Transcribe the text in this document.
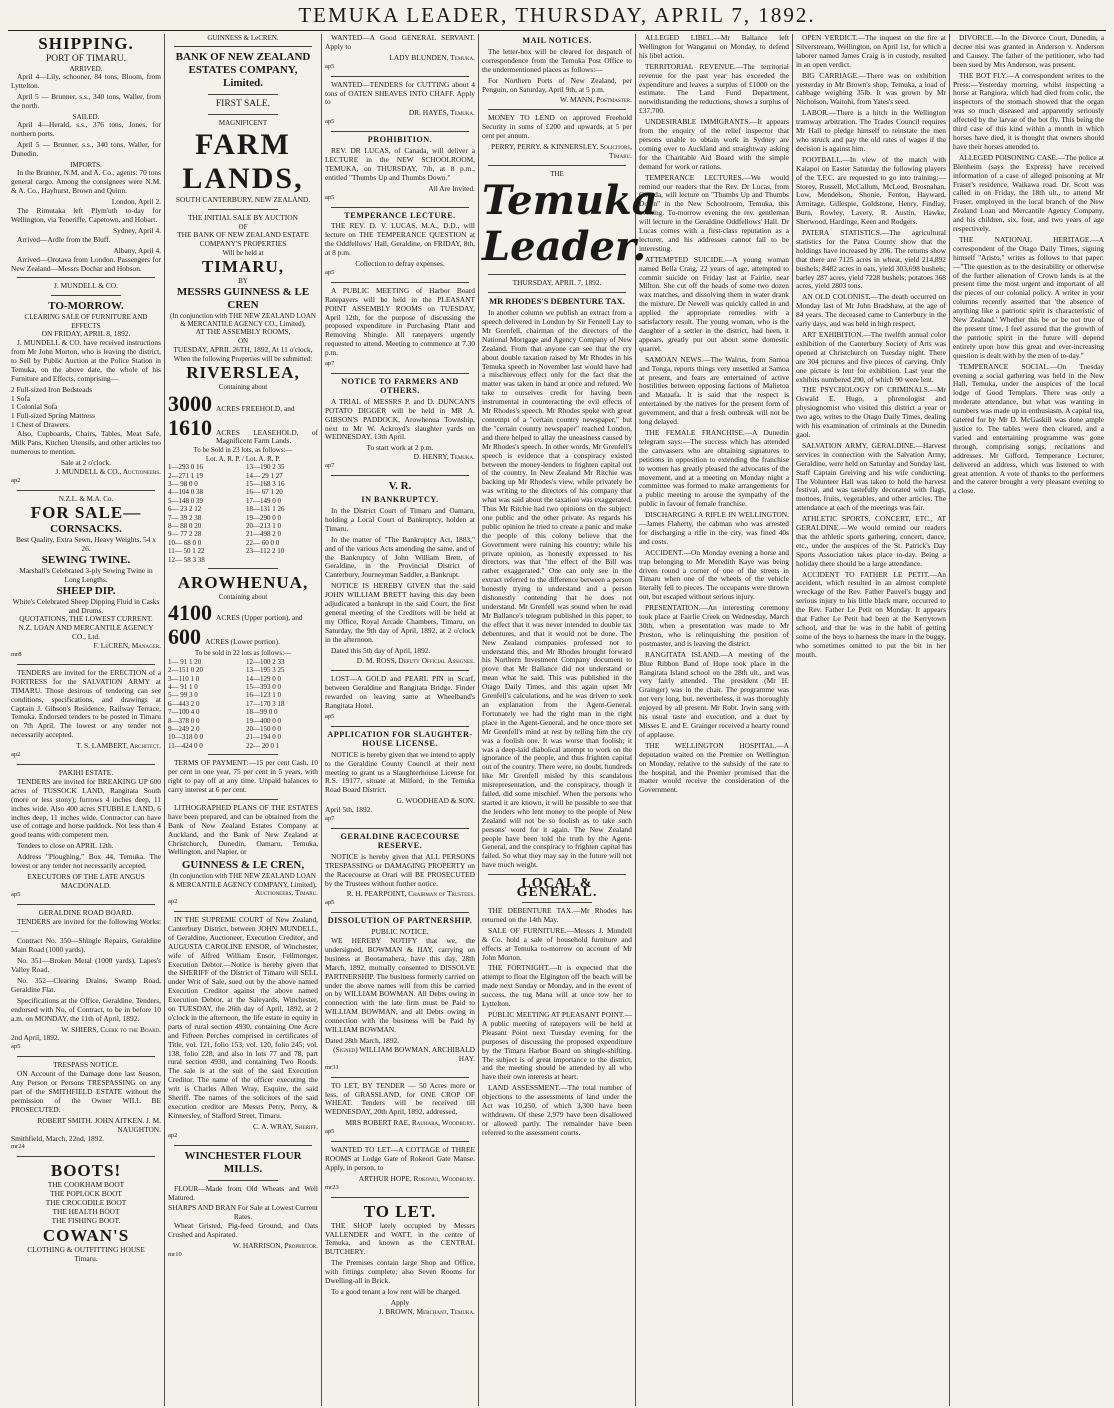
TEMUKA LEADER, THURSDAY, APRIL 7, 1892.
SHIPPING.
PORT OF TIMARU.
ARRIVED.

April 4—Lily, schooner, 84 tons, Bloom, from Lyttelton.

April 5 — Brunner, s.s., 340 tons, Waller, from the north.

SAILED.

April 4—Herald, s.s., 376 tons, Jones, for northern ports.

April 5 — Brunner, s.s., 340 tons, Waller, for Dunedin.

IMPORTS.

In the Brunner, N.M. and A. Co., agents: 70 tons general cargo. Among the consignees were N.M. & A. Co., Hayhurst, Brown and Quinn.

London, April 2.

The Rimutaka left Plym'uth to-day for Wellington, via Teneriffe, Capetown, and Hobart.

Sydney, April 4.

Arrived—Ardle from the Bluff.

Albany, April 4.

Arrived—Orotava from London. Passengers for New Zealand—Messrs Dochar and Hobson.

J. MUNDELL & CO.
TO-MORROW.
CLEARING SALE OF FURNITURE AND EFFECTS
ON FRIDAY, APRIL 8, 1892.

J. MUNDELL & CO. have received instructions from Mr John Morton, who is leaving the district, to Sell by Public Auction at the Police Station in Temuka, on the above date, the whole of his Furniture and Effects, comprising—

2 Full-sized Iron Bedsteads
1 Sofa
1 Colonial Sofa
1 Full-sized Spring Mattress
1 Chest of Drawers.

Also, Cupboards, Chairs, Tables, Meat Safe, Milk Pans, Kitchen Utensils, and other articles too numerous to mention.

Sale at 2 o'clock.
J. MUNDELL & CO., Auctioneers.
ap2
N.Z.L. & M.A. Co.
FOR SALE—
CORNSACKS.
Best Quality, Extra Sewn, Heavy Weights, 54 x 26.
SEWING TWINE.
Marshall's Celebrated 3-ply Sewing Twine in Long Lengths.
SHEEP DIP.
White's Celebrated Sheep Dipping Fluid in Casks and Drums.
QUOTATIONS, THE LOWEST CURRENT.
N.Z. LOAN AND MERCANTILE AGENCY CO., Ltd.
F. LeCREN, Manager.
mr8

TENDERS are invited for the ERECTION of a FORTRESS for the SALVATION ARMY at TIMARU. Those desirous of tendering can see conditions, specifications, and drawings at Captain J. Gibson's Residence, Railway Terrace, Temuka. Endorsed tenders to be posted in Timaru on 7th April. The lowest or any tender not necessarily accepted.

T. S. LAMBERT, Architect.
ap2
PAKIHI ESTATE.

TENDERS are invited for BREAKING UP 600 acres of TUSSOCK LAND, Rangitata South (more or less stony); furrows 4 inches deep, 11 inches wide. Also 400 acres STUBBLE LAND, 6 inches deep, 11 inches wide. Contractor can have use of cottage and horse paddock. Not less than 4 good teams with competent men.

Tenders to close on APRIL 12th.

Address "Ploughing," Box 44, Temuka. The lowest or any tender not necessarily accepted.

EXECUTORS OF THE LATE ANGUS MACDONALD.
ap5
GERALDINE ROAD BOARD.

TENDERS are invited for the following Works:—

Contract No. 350—Shingle Repairs, Geraldine Main Road (1000 yards).

No. 351—Broken Metal (1000 yards), Lapes's Valley Road.

No. 352—Clearing Drains, Swamp Road, Geraldine Flat.

Specifications at the Office, Geraldine. Tenders, endorsed with No. of Contract, to be in before 10 a.m. on MONDAY, the 11th of April, 1892.

W. SHIERS, Clerk to the Board.
2nd April, 1892.
ap5
TRESPASS NOTICE.

ON Account of the Damage done last Season, Any Person or Persons TRESPASSING on any part of the SMITHFIELD ESTATE without the permission of the Owner WILL BE PROSECUTED.

ROBERT SMITH. JOHN AITKEN. J. M. NAUGHTON.
Smithfield, March, 22nd, 1892.
mr24
BOOTS!
THE COOKHAM BOOT
THE POPLOCK BOOT
THE CROCODILE BOOT
THE HEALTH BOOT
THE FISHING BOOT.
COWAN'S
CLOTHING & OUTFITTING HOUSE
Timaru.
GUINNESS & LeCREN.
BANK OF NEW ZEALAND ESTATES COMPANY, Limited.
FIRST SALE.
MAGNIFICENT
FARM LANDS,
SOUTH CANTERBURY, NEW ZEALAND.
THE INITIAL SALE BY AUCTION
OF
THE BANK OF NEW ZEALAND ESTATE COMPANY'S PROPERTIES
Will be held at
TIMARU,
BY
MESSRS GUINNESS & LE CREN
(In conjunction with THE NEW ZEALAND LOAN & MERCANTILE AGENCY CO., Limited),
AT THE ASSEMBLY ROOMS,
ON
TUESDAY, APRIL 26TH, 1892, At 11 o'clock,
When the following Properties will be submitted:
RIVERSLEA,
Containing about
3000 ACRES FREEHOLD, and
1610 ACRES LEASEHOLD, of Magnificent Farm Lands.
To be Sold in 23 lots, as follows:—
Lot. A. R. P. / Lot. A. R. P.
1—293 0 16	13—190 2 35
2—271 1 19	14— 29 1 27
3— 98 0 0	15—168 3 16
4—104 0 38	16— 67 1 20
5—148 0 39	17—149 0 0
6— 23 2 12	18—131 1 26
7— 39 2 38	19—290 0 0
8— 88 0 20	20—213 1 0
9— 77 2 28	21—498 2 0
10— 68 0 0	22— 60 0 0
11— 50 1 22	23—112 2 10
12— 58 3 38
AROWHENUA,
Containing about
4100 ACRES (Upper portion), and
600 ACRES (Lower portion).
To be sold in 22 lots as follows:—
1— 91 1 20	12—100 2 33
2—151 0 20	13—195 3 25
3—110 1 0	14—129 0 0
4— 91 1 0	15—393 0 0
5— 99 3 0	16—123 1 0
6—443 2 0	17—170 3 18
7—100 4 0	18—99 0 0
8—378 0 0	19—400 0 0
9—249 2 0	20—150 0 0
10—318 0 0	21—194 0 0
11—424 0 0	22— 20 0 1

TERMS OF PAYMENT:—15 per cent Cash, 10 per cent in one year, 75 per cent in 5 years, with right to pay off at any time. Unpaid balances to carry interest at 6 per cent.

LITHOGRAPHED PLANS OF THE ESTATES have been prepared, and can be obtained from the Bank of New Zealand Estates Company at Auckland, and the Bank of New Zealand at Christchurch, Dunedin, Oamaru, Temuka, Wellington, and Napier, or

GUINNESS & LE CREN,
(In conjunction with THE NEW ZEALAND LOAN & MERCANTILE AGENCY COMPANY, Limited),
Auctioneers, Timaru.
ap2

IN THE SUPREME COURT of New Zealand, Canterbury District, between JOHN MUNDELL, of Geraldine, Auctioneer, Execution Creditor, and AUGUSTA CAROLINE ENSOR, of Winchester, wife of Alfred William Ensor, Fellmonger, Execution Debtor.—Notice is hereby given that the SHERIFF of the District of Timaru will SELL under Writ of Sale, sued out by the above named Execution Creditor against the above named Execution Debtor, at the Saleyards, Winchester, on TUESDAY, the 26th day of April, 1892, at 2 o'clock in the afternoon, the life estate in equity in parts of rural section 4930, containing One Acre and Fifteen Perches comprised in certificates of Title, vol. 121, folio 153; vol. 120, folio 245; vol. 138, folio 228, and also in lots 77 and 78, part rural section 4930, and containing Two Roods. The sale is at the suit of the said Execution Creditor. The name of the officer executing the writ is Charles Allen Wray, Esquire, the said Sheriff. The names of the solicitors of the said execution creditor are Messrs Perry, Perry, & Kinnersley, of Stafford Street, Timaru.

C. A. WRAY, Sheriff.
ap2
WINCHESTER FLOUR MILLS.

FLOUR—Made from Old Wheats and Well Matured.

SHARPS AND BRAN For Sale at Lowest Current Rates.

Wheat Gristed, Pig-feed Ground, and Oats Crushed and Aspirated.

W. HARRISON, Proprietor.
mr10

WANTED—A Good GENERAL SERVANT. Apply to

LADY BLUNDEN, Temuka.
ap5

WANTED—TENDERS for CUTTING about 4 tons of OATEN SHEAVES INTO CHAFF. Apply to

DR. HAYES, Temuka.
ap5
PROHIBITION.

REV. DR LUCAS, of Canada, will deliver a LECTURE in the NEW SCHOOLROOM, TEMUKA, on THURSDAY, 7th, at 8 p.m., entitled "Thumbs Up and Thumbs Down."

All Are Invited.
ap5
TEMPERANCE LECTURE.

THE REV. D. V. LUCAS, M.A., D.D., will lecture on THE TEMPERANCE QUESTION at the Oddfellows' Hall, Geraldine, on FRIDAY, 8th, at 8 p.m.

Collection to defray expenses.
ap5

A PUBLIC MEETING of Harbor Board Ratepayers will be held in the PLEASANT POINT ASSEMBLY ROOMS on TUESDAY, April 12th, for the purpose of discussing the proposed expenditure in Purchasing Plant and Removing Shingle. All ratepayers urgently requested to attend. Meeting to commence at 7.30 p.m.

ap7
NOTICE TO FARMERS AND OTHERS.

A TRIAL of MESSRS P. and D. DUNCAN'S POTATO DIGGER will be held in MR A. GIBSON'S PADDOCK, Arowhenua Township, next to Mr W. Ackroyd's slaughter yards on WEDNESDAY, 13th April.

To start work at 2 p.m.
D. HENRY, Temuka.
ap7
V. R.
IN BANKRUPTCY.

In the District Court of Timaru and Oamaru, holding a Local Court of Bankruptcy, holden at Timaru.

In the matter of "The Bankruptcy Act, 1883," and of the various Acts amending the same, and of the Bankruptcy of John William Brett, of Geraldine, in the Provincial District of Canterbury, Journeyman Saddler, a Bankrupt.

NOTICE IS HEREBY GIVEN that the said JOHN WILLIAM BRETT having this day been adjudicated a bankrupt in the said Court, the first general meeting of the Creditors will be held at my Office, Royal Arcade Chambers, Timaru, on Saturday, the 9th day of April, 1892, at 2 o'clock in the afternoon.

Dated this 5th day of April, 1892.

D. M. ROSS, Deputy Official Assignee.

LOST—A GOLD and PEARL PIN in Scarf, between Geraldine and Rangitata Bridge. Finder rewarded on leaving same at Wheelband's Rangitata Hotel.

ap5
APPLICATION FOR SLAUGHTER-HOUSE LICENSE.

NOTICE is hereby given that we intend to apply to the Geraldine County Council at their next meeting to grant us a Slaughterhouse License for R.S. 19177, situate at Milford, in the Temuka Road Board District.

G. WOODHEAD & SON.
April 5th, 1892.
ap7
GERALDINE RACECOURSE RESERVE.

NOTICE is hereby given that ALL PERSONS TRESPASSING or DAMAGING PROPERTY on the Racecourse at Orari will BE PROSECUTED by the Trustees without further notice.

R. H. PEARPOINT, Chairman of Trustees.
ap5
DISSOLUTION OF PARTNERSHIP.
PUBLIC NOTICE.

WE HEREBY NOTIFY that we, the undersigned, BOWMAN & HAY, carrying on business at Bootamahera, have this day, 28th March, 1892, mutually consented to DISSOLVE PARTNERSHIP. The business formerly carried on under the above names will from this be carried on by WILLIAM BOWMAN. All Debts owing in connection with the late firm must be Paid to WILLIAM BOWMAN, and all Debts owing in connection with the business will be Paid by WILLIAM BOWMAN.

Dated 28th March, 1892.
(Signed) WILLIAM BOWMAN. ARCHIBALD HAY.
mr31

TO LET, BY TENDER — 50 Acres more or less, of GRASSLAND, for ONE CROP OF WHEAT. Tenders will be received till WEDNESDAY, 20th April, 1892, addressed,

MRS ROBERT RAE, Rauhara, Woodbury.
ap5

WANTED TO LET—A COTTAGE of THREE ROOMS at Lodge Gate of Rokeori Gate Manse. Apply, in person, to

ARTHUR HOPE, Rokonui, Woodbury.
mr23
TO LET.

THE SHOP lately occupied by Messrs VALLENDER and WATT, in the centre of Temuka, and known as the CENTRAL BUTCHERY.

The Premises contain large Shop and Office, with fittings complete; also Seven Rooms for Dwelling-all in Brick.

To a good tenant a low rent will be charged.

Apply
J. BROWN, Merchant, Temuka.
MAIL NOTICES.

The letter-box will be cleared for despatch of correspondence from the Temuka Post Office to the undermentioned places as follows:—

For Northern Ports of New Zealand, per Penguin, on Saturday, April 9th, at 5 p.m.

W. MANN, Postmaster.

MONEY TO LEND on approved Freehold Security in sums of £200 and upwards, at 5 per cent per annum.

PERRY, PERRY, & KINNERSLEY, Solicitors, Timaru.
THE
Temuka Leader.
THURSDAY, APRIL 7, 1892.
MR RHODES'S DEBENTURE TAX.

In another column we publish an extract from a speech delivered in London by Sir Fennell Lay to Mr Grenfell, chairman of the directors of the National Mortgage and Agency Company of New Zealand. From that anyone can see that the cry about double taxation raised by Mr Rhodes in his Temuka speech in November last would have had a mischievous effect only for the fact that the matter was taken in hand at once and refuted. We take to ourselves credit for having been instrumental in counteracting the evil effects of Mr Rhodes's speech. Mr Rhodes spoke with great contempt of a "certain country newspaper," but the "certain country newspaper" reached London, and there helped to allay the uneasiness caused by Mr Rhodes's speech. In other words, Mr Grenfell's speech is evidence that a conspiracy existed between the money-lenders to frighten capital out of the country. In New Zealand Mr Ritchie was backing up Mr Rhodes's view, while privately he was writing to the directors of his company that what was said about the taxation was exaggerated. Thus Mr Ritchie had two opinions on the subject: one public and the other private. As regards his public opinion he tried to create a panic and make the people of this colony believe that the Government were ruining his country; while his private opinion, as honestly expressed to his directors, was that "the effect of the Bill was rather exaggerated." One can only see in the extract referred to the difference between a person honestly trying to understand and a person dishonestly contending that he does not understand. Mr Grenfell was sound when he read Mr Ballance's telegram published in this paper, to the effect that it was never intended to double tax debentures, and that it would not be done. The New Zealand companies professed not to understand this, and Mr Rhodes brought forward his Northern Investment Company document to prove that Mr Ballance did not understand or mean what he said. This was published in the Otago Daily Times, and this again upset Mr Grenfell's calculations, and he was driven to seek an explanation from the Agent-General. Fortunately we had the right man in the right place in the Agent-General, and he once more set Mr Grenfell's mind at rest by telling him the cry was a foolish one. It was worse than foolish; it was a deep-laid diabolical attempt to work on the ignorance of the people, and thus frighten capital out of the country. There were, no doubt, hundreds like Mr Grenfell misled by this scandalous misrepresentation, and the conspiracy, though it failed, did some mischief. When the persons who started it are known, it will be possible to see that the lenders who lent money to the people of New Zealand will not be so foolish as to take such persons' word for it again. The New Zealand people have been told the truth by the Agent-General, and the conspiracy to frighten capital has failed. So what they may say in the future will not have much weight.

LOCAL & GENERAL.

THE DEBENTURE TAX.—Mr Rhodes has returned on the 14th May.

SALE OF FURNITURE.—Messrs J. Mundell & Co. hold a sale of household furniture and effects at Temuka to-morrow on account of Mr John Morton.

THE FORTNIGHT.—It is expected that the attempt to float the Elgington off the beach will be made next Sunday or Monday, and in the event of success, the tug Mana will at once tow her to Lyttelton.

PUBLIC MEETING AT PLEASANT POINT.—A public meeting of ratepayers will be held at Pleasant Point next Tuesday evening for the purposes of discussing the proposed expenditure by the Timaru Harbor Board on shingle-shifting. The subject is of great importance to the district, and the meeting should be attended by all who have their own interests at heart.

LAND ASSESSMENT.—The total number of objections to the assessments of land under the Act was 10,250, of which 3,300 have been withdrawn. Of these 2,979 have been disallowed or allowed partly. The remainder have been referred to the assessment courts.

ALLEGED LIBEL.—Mr Ballance left Wellington for Wanganui on Monday, to defend his libel action.

TERRITORIAL REVENUE.—The territorial revenue for the past year has exceeded the expenditure and leaves a surplus of £1000 on the estimate. The Land Fund Department, notwithstanding the reductions, shows a surplus of £37,700.

UNDESIRABLE IMMIGRANTS.—It appears from the enquiry of the relief inspector that persons unable to obtain work in Sydney are coming over to Auckland and straightway asking for the Charitable Aid Board with the simple demand for work or rations.

TEMPERANCE LECTURES.—We would remind our readers that the Rev. Dr Lucas, from Canada, will lecture on "Thumbs Up and Thumbs Down" in the New Schoolroom, Temuka, this evening. To-morrow evening the rev. gentleman will lecture in the Geraldine Oddfellows' Hall. Dr Lucas comes with a first-class reputation as a lecturer, and his addresses cannot fail to be interesting.

ATTEMPTED SUICIDE.—A young woman named Bella Craig, 22 years of age, attempted to commit suicide on Friday last at Fairlie, near Milton. She cut off the heads of some two dozen wax matches, and dissolving them in water drank the mixture. Dr Newell was quickly called in and applied the appropriate remedies with a satisfactory result. The young woman, who is the daughter of a settler in the district, had been, it appears, greatly put out about some domestic quarrel.

SAMOAN NEWS.—The Walrus, from Samoa and Tonga, reports things very unsettled at Samoa at present, and fears are entertained of active hostilities between opposing factions of Malietoa and Mataafa. It is said that the respect is entertained by the natives for the present form of government, and that a fresh outbreak will not be long delayed.

THE FEMALE FRANCHISE.—A Dunedin telegram says:—The success which has attended the canvassers who are obtaining signatures to petitions in opposition to extending the franchise to women has greatly pleased the advocates of the movement, and at a meeting on Monday night a committee was formed to make arrangements for a public meeting to arouse the sympathy of the public in favour of female franchise.

DISCHARGING A RIFLE IN WELLINGTON.—James Flaherty, the cabman who was arrested for discharging a rifle in the city, was fined 40s and costs.

ACCIDENT.—On Monday evening a horse and trap belonging to Mr Meredith Kaye was being driven round a corner of one of the streets in Timaru when one of the wheels of the vehicle literally fell to pieces. The occupants were thrown out, but escaped without serious injury.

PRESENTATION.—An interesting ceremony took place at Fairlie Creek on Wednesday, March 30th, when a presentation was made to Mr Preston, who is relinquishing the position of postmaster, and is leaving the district.

RANGITATA ISLAND.—A meeting of the Blue Ribbon Band of Hope took place in the Rangitata Island school on the 28th ult., and was very fairly attended. The president (Mr H. Grainger) was in the chair. The programme was not very long, but, nevertheless, it was thoroughly enjoyed by all present. Mr Robt. Irwin sang with his usual taste and execution, and a duet by Misses E. and E. Grainger received a hearty round of applause.

THE WELLINGTON HOSPITAL.—A deputation waited on the Premier on Wellington on Monday, relative to the subsidy of the rate to the hospital, and the Premier promised that the matter would receive the consideration of the Government.

OPEN VERDICT.—The inquest on the fire at Silverstream, Wellington, on April 1st, for which a laborer named James Craig is in custody, resulted in an open verdict.

BIG CARRIAGE.—There was on exhibition yesterday in Mr Brown's shop, Temuka, a load of cabbage weighing 35lb. It was grown by Mr Nicholson, Waitohi, from Yates's seed.

LABOR.—There is a hitch in the Wellington tramway arbitration. The Trades Council requires Mr Hall to pledge himself to reinstate the men who struck and pay the old rates of wages if the decision is against him.

FOOTBALL.—In view of the match with Kaiapoi on Easter Saturday the following players of the T.F.C. are requested to go into training:—Storey, Russell, McCallum, McLeod, Brosnahan, Low, Mendelson, Shonie, Fenton, Hayward, Armitage, Gillespie, Goldstone, Henry, Findlay, Burn, Rowley, Lavery, R. Austin, Hawke, Sherwood, Hardinge, Keen and Rodgers.

PATERA STATISTICS.—The agricultural statistics for the Patea County show that the holdings have increased by 206. The returns show that there are 7125 acres in wheat, yield 214,892 bushels; 8482 acres in oats, yield 303,698 bushels; barley 287 acres, yield 7228 bushels; potatoes 368 acres, yield 2803 tons.

AN OLD COLONIST.—The death occurred on Monday last of Mr John Bradshaw, at the age of 84 years. The deceased came to Canterbury in the early days, and was held in high respect.

ART EXHIBITION.—The twelfth annual color exhibition of the Canterbury Society of Arts was opened at Christchurch on Tuesday night. There are 304 pictures and five pieces of carving. Only one picture is lent for exhibition. Last year the exhibits numbered 290, of which 90 were lent.

THE PSYCHOLOGY OF CRIMINALS.—Mr Oswald E. Hugo, a phrenologist and physiognomist who visited this district a year or two ago, writes to the Otago Daily Times, dealing with his examination of criminals at the Dunedin gaol.

SALVATION ARMY, GERALDINE.—Harvest services in connection with the Salvation Army, Geraldine, were held on Saturday and Sunday last, Staff Captain Greiving and his wife conducting. The Volunteer Hall was taken to hold the harvest festival, and was tastefully decorated with flags, mottoes, fruits, vegetables, and other articles. The attendance at each of the meetings was fair.

ATHLETIC SPORTS, CONCERT, ETC., AT GERALDINE.—We would remind our readers that the athletic sports gathering, concert, dance, etc., under the auspices of the St. Patrick's Day Sports Association takes place to-day. Being a holiday there should be a large attendance.

ACCIDENT TO FATHER LE PETIT.—An accident, which resulted in an almost complete wreckage of the Rev. Father Pauvel's buggy and serious injury to his little black mare, occurred to the Rev. Father Le Petit on Monday. It appears that Father Le Petit had been at the Kerrytown school, and that he was in the habit of getting some of the boys to harness the mare in the buggy, who sometimes omitted to put the bit in her mouth.

DIVORCE.—In the Divorce Court, Dunedin, a decree nisi was granted in Anderson v. Anderson and Causey. The father of the petitioner, who had been sued by Mrs Anderson, was present.

THE BOT FLY.—A correspondent writes to the Press:—Yesterday morning, whilst inspecting a horse at Rangiora, which had died from colic, the inspectors of the stomach showed that the organ was so much diseased and apparently seriously affected by the larvae of the bot fly. This being the third case of this kind within a month in which horses have died, it is thought that owners should have their horses attended to.

ALLEGED POISONING CASE.—The police at Blenheim (says the Express) have received information of a case of alleged poisoning at Mr Fraser's residence, Waikawa road. Dr. Scott was called in on Friday, the 18th ult., to attend Mr Fraser, employed in the local branch of the New Zealand Loan and Mercantile Agency Company, and his children, six, four, and two years of age respectively.

THE NATIONAL HERITAGE.—A correspondent of the Otago Daily Times, signing himself "Aristo," writes as follows to that paper:—"The question as to the desirability or otherwise of the further alienation of Crown lands is at the present time the most urgent and important of all the pieces of our colonial policy. A writer in your columns recently asserted that 'the absence of anything like a patriotic spirit is characteristic of New Zealand.' Whether this be or be not true of the present time, I feel assured that the growth of the patriotic spirit in the future will depend entirely upon how this great and ever-increasing question is dealt with by the men of to-day."

TEMPERANCE SOCIAL.—On Tuesday evening a social gathering was held in the New Hall, Temuka, under the auspices of the local lodge of Good Templars. There was only a moderate attendance, but what was wanting in numbers was made up in enthusiasm. A capital tea, catered for by Mr D. McGaskill was done ample justice to. The tables were then cleared, and a varied and entertaining programme was gone through, comprising songs, recitations and addresses. Mr Gifford, Temperance Lecturer, delivered an address, which was listened to with great attention. A vote of thanks to the performers and the caterer brought a very pleasant evening to a close.
